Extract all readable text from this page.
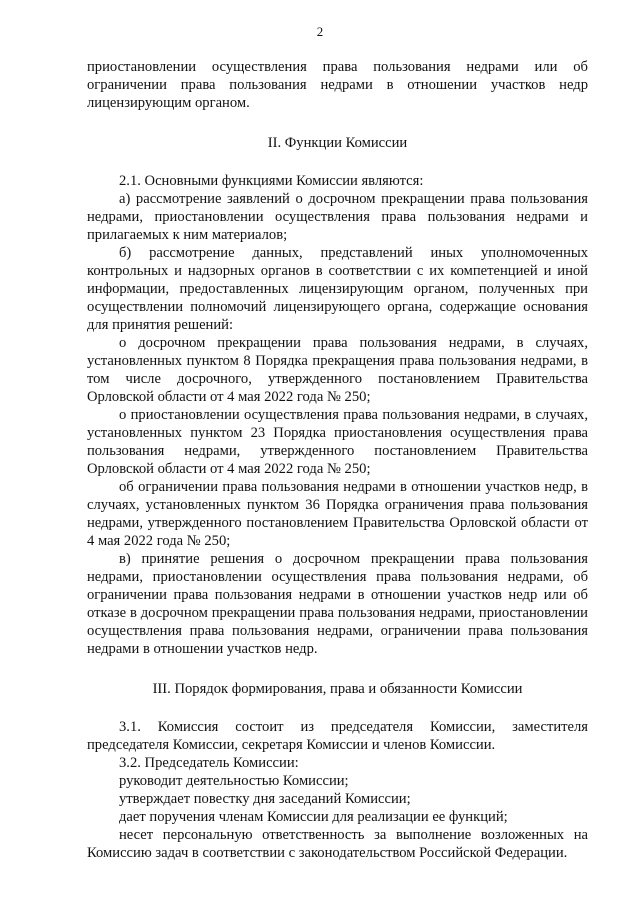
2

приостановлении осуществления права пользования недрами или об ограничении права пользования недрами в отношении участков недр лицензирующим органом.

II. Функции Комиссии

2.1. Основными функциями Комиссии являются:

а) рассмотрение заявлений о досрочном прекращении права пользования недрами, приостановлении осуществления права пользования недрами и прилагаемых к ним материалов;

б) рассмотрение данных, представлений иных уполномоченных контрольных и надзорных органов в соответствии с их компетенцией и иной информации, предоставленных лицензирующим органом, полученных при осуществлении полномочий лицензирующего органа, содержащие основания для принятия решений:

о досрочном прекращении права пользования недрами, в случаях, установленных пунктом 8 Порядка прекращения права пользования недрами, в том числе досрочного, утвержденного постановлением Правительства Орловской области от 4 мая 2022 года № 250;

о приостановлении осуществления права пользования недрами, в случаях, установленных пунктом 23 Порядка приостановления осуществления права пользования недрами, утвержденного постановлением Правительства Орловской области от 4 мая 2022 года № 250;

об ограничении права пользования недрами в отношении участков недр, в случаях, установленных пунктом 36 Порядка ограничения права пользования недрами, утвержденного постановлением Правительства Орловской области от 4 мая 2022 года № 250;

в) принятие решения о досрочном прекращении права пользования недрами, приостановлении осуществления права пользования недрами, об ограничении права пользования недрами в отношении участков недр или об отказе в досрочном прекращении права пользования недрами, приостановлении осуществления права пользования недрами, ограничении права пользования недрами в отношении участков недр.

III. Порядок формирования, права и обязанности Комиссии

3.1. Комиссия состоит из председателя Комиссии, заместителя председателя Комиссии, секретаря Комиссии и членов Комиссии.

3.2. Председатель Комиссии:

руководит деятельностью Комиссии;

утверждает повестку дня заседаний Комиссии;

дает поручения членам Комиссии для реализации ее функций;

несет персональную ответственность за выполнение возложенных на Комиссию задач в соответствии с законодательством Российской Федерации.
